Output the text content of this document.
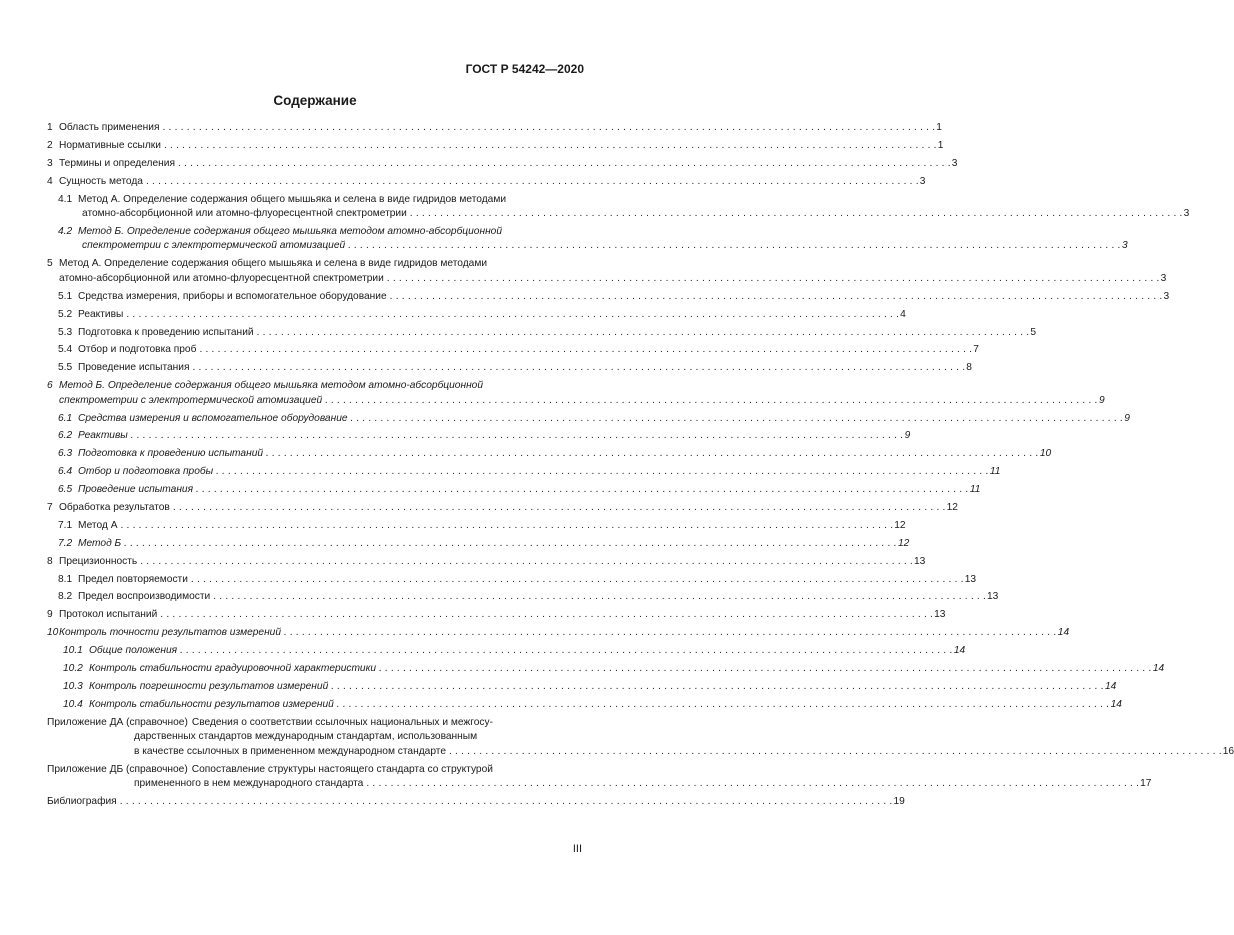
ГОСТ Р 54242—2020
Содержание
1 Область применения . . .	1
2 Нормативные ссылки . . .	1
3 Термины и определения . . .	3
4 Сущность метода . . .	3
4.1 Метод А. Определение содержания общего мышьяка и селена в виде гидридов методами
атомно-абсорбционной или атомно-флуоресцентной спектрометрии . . .	3
4.2 Метод Б. Определение содержания общего мышьяка методом атомно-абсорбционной
спектрометрии с электротермической атомизацией . . .	3
5 Метод А. Определение содержания общего мышьяка и селена в виде гидридов методами
атомно-абсорбционной или атомно-флуоресцентной спектрометрии . . .	3
5.1 Средства измерения, приборы и вспомогательное оборудование . . .	3
5.2 Реактивы . . .	4
5.3 Подготовка к проведению испытаний . . .	5
5.4 Отбор и подготовка проб . . .	7
5.5 Проведение испытания . . .	8
6 Метод Б. Определение содержания общего мышьяка методом атомно-абсорбционной
спектрометрии с электротермической атомизацией . . .	9
6.1 Средства измерения и вспомогательное оборудование . . .	9
6.2 Реактивы . . .	9
6.3 Подготовка к проведению испытаний . . .	10
6.4 Отбор и подготовка пробы . . .	11
6.5 Проведение испытания . . .	11
7 Обработка результатов . . .	12
7.1 Метод А . . .	12
7.2 Метод Б . . .	12
8 Прецизионность . . .	13
8.1 Предел повторяемости . . .	13
8.2 Предел воспроизводимости . . .	13
9 Протокол испытаний . . .	13
10Контроль точности результатов измерений . . .	14
10.1 Общие положения . . .	14
10.2 Контроль стабильности градуировочной характеристики . . .	14
10.3 Контроль погрешности результатов измерений . . .	14
10.4 Контроль стабильности результатов измерений . . .	14
Приложение ДА (справочное) Сведения о соответствии ссылочных национальных и межгосу-
дарственных стандартов международным стандартам, использованным
в качестве ссылочных в примененном международном стандарте . . .	16
Приложение ДБ (справочное) Сопоставление структуры настоящего стандарта со структурой
примененного в нем международного стандарта . . .	17
Библиография . . .	19
III
